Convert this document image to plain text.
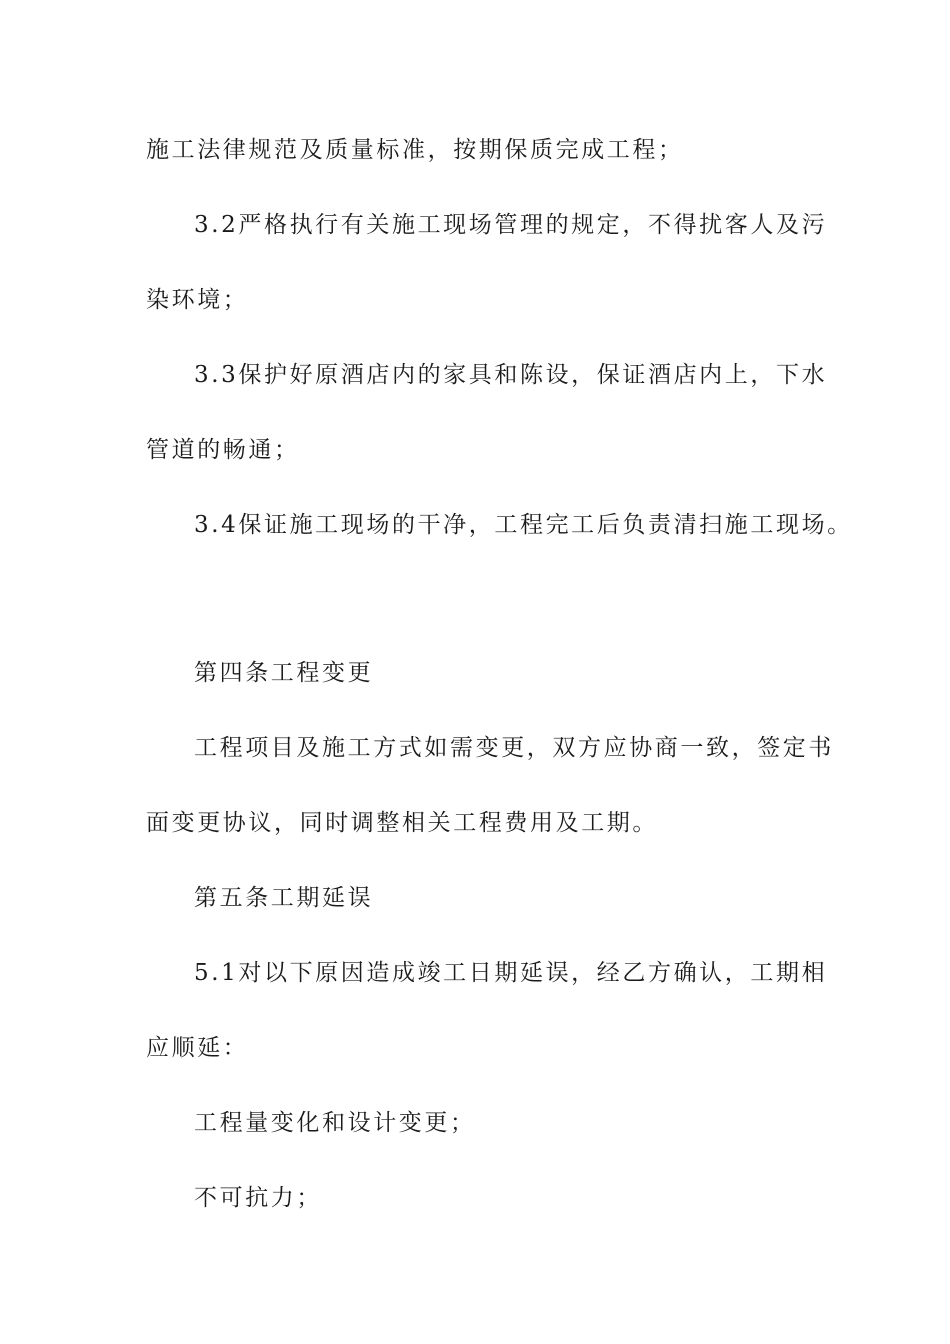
施工法律规范及质量标准，按期保质完成工程；
3.2严格执行有关施工现场管理的规定，不得扰客人及污
染环境；
3.3保护好原酒店内的家具和陈设，保证酒店内上，下水
管道的畅通；
3.4保证施工现场的干净，工程完工后负责清扫施工现场。
第四条工程变更
工程项目及施工方式如需变更，双方应协商一致，签定书
面变更协议，同时调整相关工程费用及工期。
第五条工期延误
5.1对以下原因造成竣工日期延误，经乙方确认，工期相
应顺延：
工程量变化和设计变更；
不可抗力；
